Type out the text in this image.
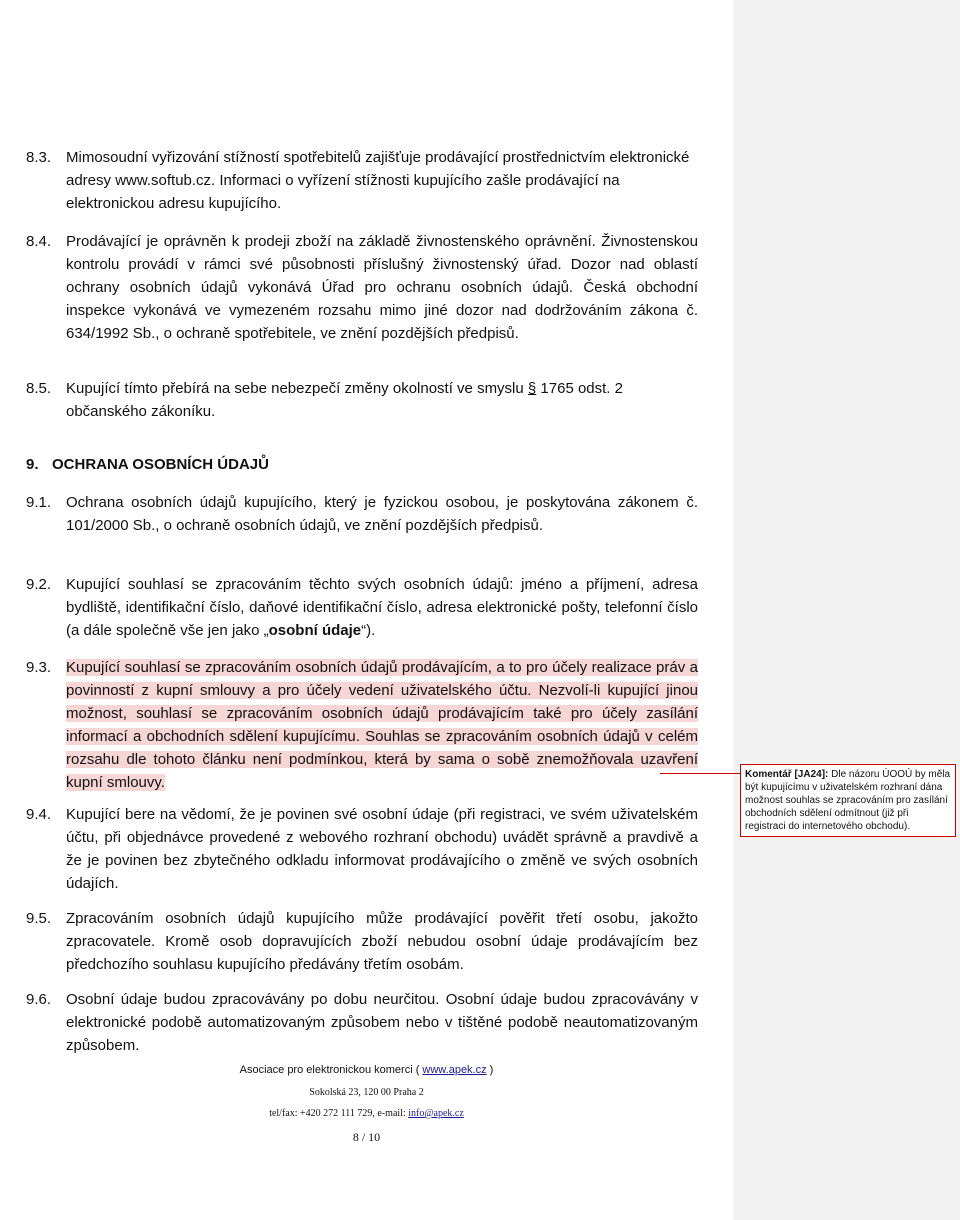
8.3. Mimosoudní vyřizování stížností spotřebitelů zajišťuje prodávající prostřednictvím elektronické adresy www.softub.cz. Informaci o vyřízení stížnosti kupujícího zašle prodávající na elektronickou adresu kupujícího.
8.4. Prodávající je oprávněn k prodeji zboží na základě živnostenského oprávnění. Živnostenskou kontrolu provádí v rámci své působnosti příslušný živnostenský úřad. Dozor nad oblastí ochrany osobních údajů vykonává Úřad pro ochranu osobních údajů. Česká obchodní inspekce vykonává ve vymezeném rozsahu mimo jiné dozor nad dodržováním zákona č. 634/1992 Sb., o ochraně spotřebitele, ve znění pozdějších předpisů.
8.5. Kupující tímto přebírá na sebe nebezpečí změny okolností ve smyslu § 1765 odst. 2 občanského zákoníku.
9. OCHRANA OSOBNÍCH ÚDAJŮ
9.1. Ochrana osobních údajů kupujícího, který je fyzickou osobou, je poskytována zákonem č. 101/2000 Sb., o ochraně osobních údajů, ve znění pozdějších předpisů.
9.2. Kupující souhlasí se zpracováním těchto svých osobních údajů: jméno a příjmení, adresa bydliště, identifikační číslo, daňové identifikační číslo, adresa elektronické pošty, telefonní číslo (a dále společně vše jen jako „osobní údaje“).
9.3. Kupující souhlasí se zpracováním osobních údajů prodávajícím, a to pro účely realizace práv a povinností z kupní smlouvy a pro účely vedení uživatelského účtu. Nezvolí-li kupující jinou možnost, souhlasí se zpracováním osobních údajů prodávajícím také pro účely zasílání informací a obchodních sdělení kupujícímu. Souhlas se zpracováním osobních údajů v celém rozsahu dle tohoto článku není podmínkou, která by sama o sobě znemožňovala uzavření kupní smlouvy.
9.4. Kupující bere na vědomí, že je povinen své osobní údaje (při registraci, ve svém uživatelském účtu, při objednávce provedené z webového rozhraní obchodu) uvádět správně a pravdivě a že je povinen bez zbytečného odkladu informovat prodávajícího o změně ve svých osobních údajích.
9.5. Zpracováním osobních údajů kupujícího může prodávající pověřit třetí osobu, jakožto zpracovatele. Kromě osob dopravujících zboží nebudou osobní údaje prodávajícím bez předchozího souhlasu kupujícího předávány třetím osobám.
9.6. Osobní údaje budou zpracovávány po dobu neurčitou. Osobní údaje budou zpracovávány v elektronické podobě automatizovaným způsobem nebo v tištěné podobě neautomatizovaným způsobem.
Asociace pro elektronickou komerci ( www.apek.cz )
Sokolská 23, 120 00 Praha 2
tel/fax: +420 272 111 729, e-mail: info@apek.cz
8 / 10
Komentář [JA24]: Dle názoru ÚOOÚ by měla být kupujícímu v uživatelském rozhraní dána možnost souhlas se zpracováním pro zasílání obchodních sdělení odmítnout (již při registraci do internetového obchodu).
